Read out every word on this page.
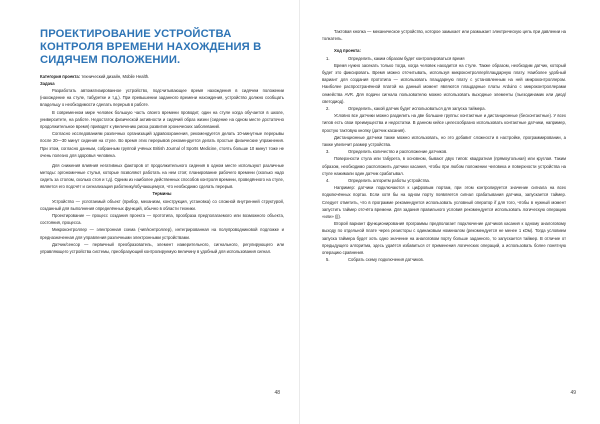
ПРОЕКТИРОВАНИЕ УСТРОЙСТВА КОНТРОЛЯ ВРЕМЕНИ НАХОЖДЕНИЯ В СИДЯЧЕМ ПОЛОЖЕНИИ.

Категория проекта: технический дизайн, Mobile Health.

Задача

Разработать автоматизированное устройство, подсчитывающее время нахождения в сидячем положении (нахождение на стуле, табуретке и т.д.). При превышении заданного времени нахождения, устройство должно сообщать владельцу о необходимости сделать перерыв в работе.

В современном мире человек большую часть своего времени проводит, один на стуле когда обучается в школе, университете, на работе. Недостаток физической активности и сидячий образ жизни (сидение на одном месте достаточно продолжительное время) приводят к увеличению риска развития хронических заболеваний.

Согласно исследованиям различных организаций здравоохранения, рекомендуется делать 10-минутные перерывы после 20—30 минут сидения на стуле. Во время этих перерывов рекомендуется делать простые физические упражнения. При этом, согласно данным, собранным группой учёных British Journal of Sports Medicine, стоять больше 10 минут тоже не очень полезно для здоровья человека.

Для снижения влияния негативных факторов от продолжительного сидения в одном месте используют различные методы: эргономичные стулья, которые позволяют работать на нем стоя; планирование рабочего времени (сколько надо сидеть за столом, сколько стоя и т.д). Одним из наиболее действенных способов контроля времени, проведённого на стуле, является его подсчёт и сигнализация работнику/обучающемуся, что необходимо сделать перерыв.

Термины

Устройство — услотаемый объект (прибор, механизм, конструкция, установка) со сложной внутренней структурой, созданный для выполнения определённых функций, обычно в области техники.

Проектирование — процесс создания проекта — прототипа, прообраза предполагаемого или возможного объекта, состояния, процесса.

Микроконтроллер — электронная схема (чип/контроллер), интегрированная на полупроводниковой подложке и предназначенная для управления различными электронными устройствами.

Датчик/сенсор — первичный преобразователь, элемент измерительного, сигнального, регулирующего или управляющего устройства системы, преобразующий контролируемую величину в удобный для использования сигнал.

48

Тактовая кнопка — механическое устройство, которое замыкает или размыкает электрическую цепь при давлении на толкатель.

Ход проекта:

1.	Определить, каким образом будет контролироваться время

Время нужно засекать только тогда, когда человек находится на стуле. Также образом, необходим датчик, который будет это фиксировать. Время можно отсчитывать, используя микроконтроллер/плацдарную плату. Наиболее удобный вариант для создания прототипа — использовать плацдарную плату с установленным на ней микроконтроллером. Наиболее распространённой платой на данный момент являются плацдарные платы Arduino с микроконтроллерами семейства AVR. Для подачи сигнала пользователю можно использовать выходные элементы (пьезодинамик или диод/светодиод).

2.	Определить, какой датчик будет использоваться для запуска таймера.

Условно все датчики можно разделить на две большие группы: контактные и дистанционные (бесконтактные). У всех типов есть свои преимущества и недостатки. В данном кейсе целесообразно использовать контактные датчики, например, простую тактовую кнопку (датчик касания).

Дистанционные датчики также можно использовать, но это добавит сложности в настройке, программировании, а также увеличит размер устройства.

3.	Определить количество и расположение датчиков.

Поверхности стула или табурета, в основном, бывают двух типов: квадратная (прямоугольная) или круглая. Таким образом, необходимо расположить датчики касания, чтобы при любом положении человека и поверхности устройства на стуле нажимали один датчик срабатывал.

4.	Определить алгоритм работы устройства.

Например: датчики подключаются к цифровым портам, при этом контролируется значение сигнала на всех подключённых портах. Если хотя бы на одном порту появляется сигнал срабатывания датчика, запускается таймер. Следует отметить, что в программе рекомендуется использовать условный оператор if для того, чтобы в нужный момент запустить таймер отсчёта времени. Для задания правильного условия рекомендуется использовать логическую операцию «или» (||).

Второй вариант функционирования программы предполагает подключение датчиков касания к одному аналоговому выходу по отдельной плате через резисторы с одинаковым номиналом (рекомендуется не менее 1 кОм). Тогда условием запуска таймера будет хоть одно значение на аналоговом порту больше заданного, то запускается таймер. В отличие от предыдущего алгоритма, здесь удаётся избавиться от применения логических операций, а использовать более понятную операцию сравнения.

5.	Собрать схему подключения датчиков.
49
